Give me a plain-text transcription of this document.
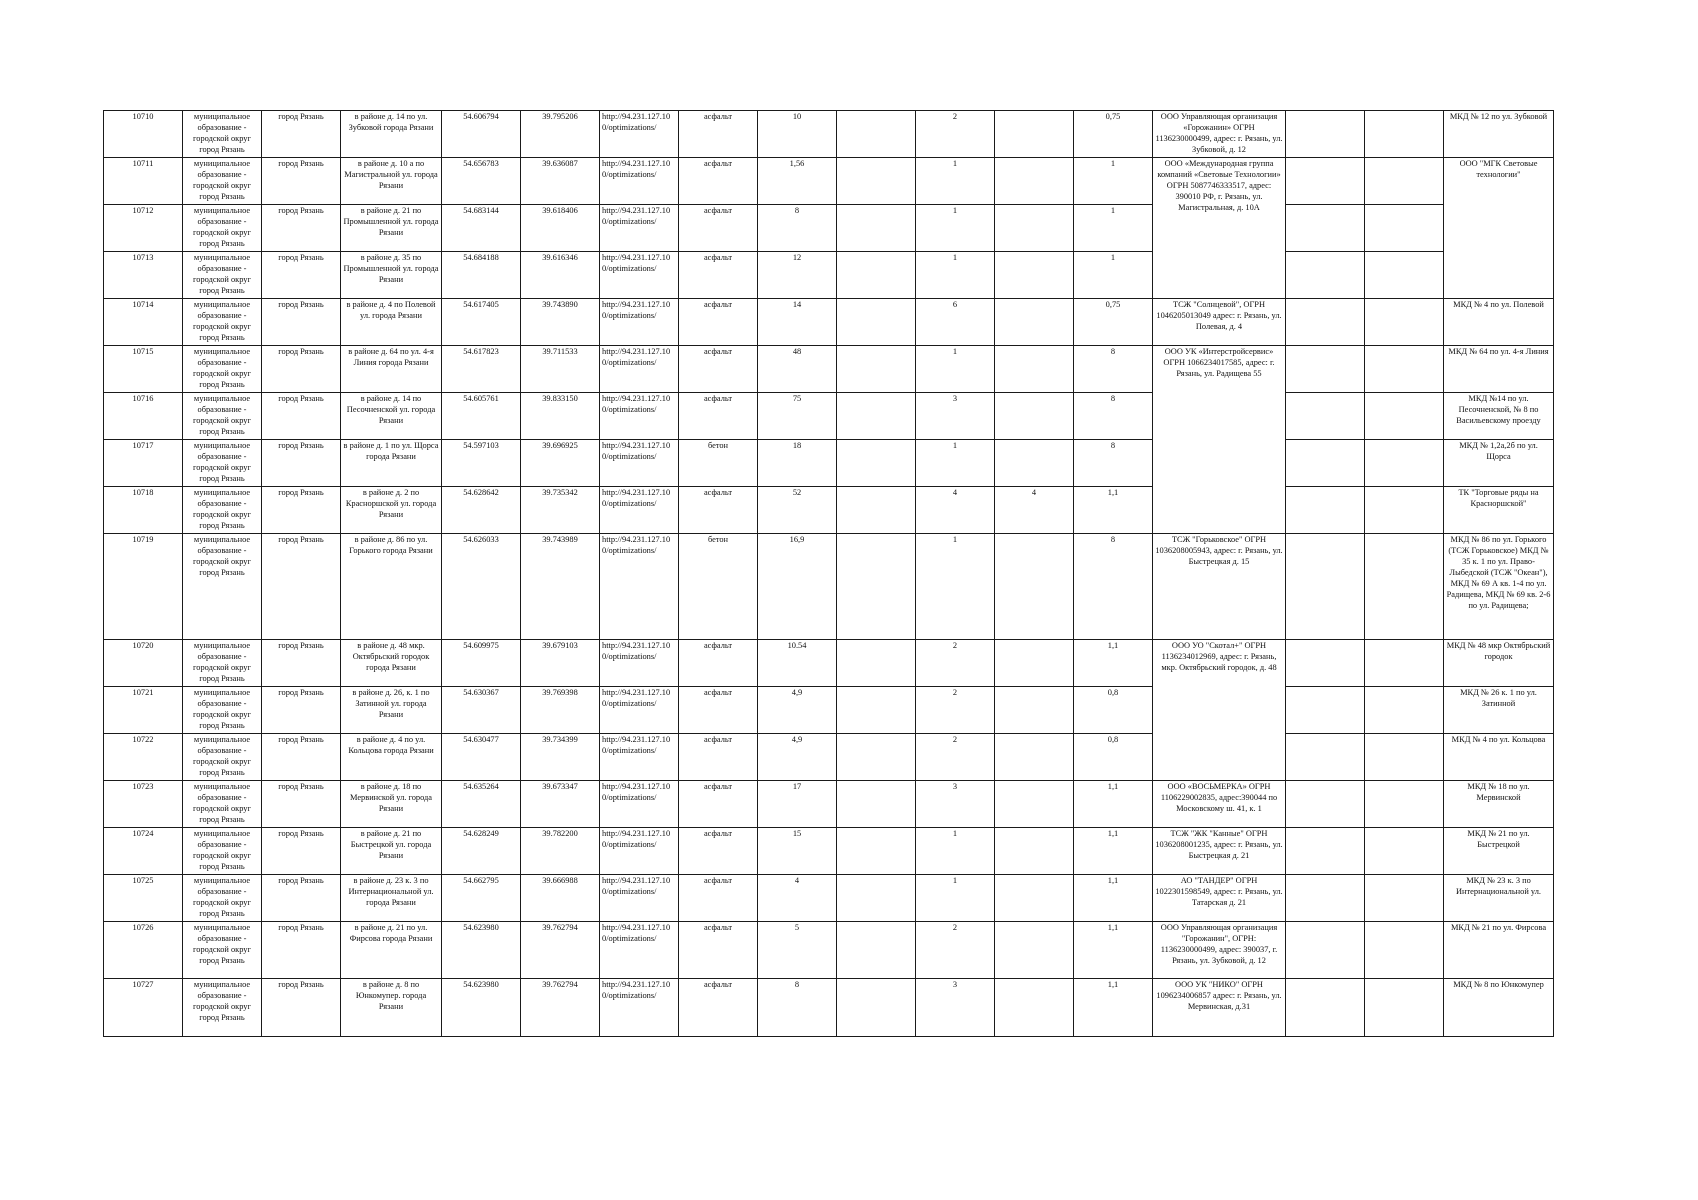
10710	муниципальное образование - городской округ город Рязань	город Рязань	в районе д. 14 по ул. Зубковой города Рязани	54.606794	39.795206	http://94.231.127.10 0/optimizations/	асфальт	10		2		0,75	ООО Управляющая организация «Горожанин» ОГРН 1136230000499, адрес: г. Рязань, ул. Зубковой, д. 12			МКД № 12 по ул. Зубковой
10711	муниципальное образование - городской округ город Рязань	город Рязань	в районе д. 10 а по Магистральной ул. города Рязани	54.656783	39.636087	http://94.231.127.10 0/optimizations/	асфальт	1,56		1		1	ООО «Международная группа компаний «Световые Технологии» ОГРН 5087746333517, адрес: 390010 РФ, г. Рязань, ул. Магистральная, д. 10А			ООО "МГК Световые технологии"
10712	муниципальное образование - городской округ город Рязань	город Рязань	в районе д. 21 по Промышленной ул. города Рязани	54.683144	39.618406	http://94.231.127.10 0/optimizations/	асфальт	8		1		1				
10713	муниципальное образование - городской округ город Рязань	город Рязань	в районе д. 35 по Промышленной ул. города Рязани	54.684188	39.616346	http://94.231.127.10 0/optimizations/	асфальт	12		1		1				
10714	муниципальное образование - городской округ город Рязань	город Рязань	в районе д. 4 по Полевой ул. города Рязани	54.617405	39.743890	http://94.231.127.10 0/optimizations/	асфальт	14		6		0,75	ТСЖ "Солнцевой", ОГРН 1046205013049 адрес: г. Рязань, ул. Полевая, д. 4			МКД № 4 по ул. Полевой
10715	муниципальное образование - городской округ город Рязань	город Рязань	в районе д. 64 по ул. 4-я Линия города Рязани	54.617823	39.711533	http://94.231.127.10 0/optimizations/	асфальт	48		1		8	ООО УК «Интерстройсервис» ОГРН 1066234017585, адрес: г. Рязань, ул. Радищева 55			МКД № 64 по ул. 4-я Линия
10716	муниципальное образование - городской округ город Рязань	город Рязань	в районе д. 14 по Песочненской ул. города Рязани	54.605761	39.833150	http://94.231.127.10 0/optimizations/	асфальт	75		3		8				МКД №14 по ул. Песочненской, № 8 по Васильевскому проезду
10717	муниципальное образование - городской округ город Рязань	город Рязань	в районе д. 1 по ул. Щорса города Рязани	54.597103	39.696925	http://94.231.127.10 0/optimizations/	бетон	18		1		8				МКД № 1,2а,2б по ул. Щорса
10718	муниципальное образование - городской округ город Рязань	город Рязань	в районе д. 2 по Красноршской ул. города Рязани	54.628642	39.735342	http://94.231.127.10 0/optimizations/	асфальт	52		4	4	1,1				ТК "Торговые ряды на Красноршской"
10719	муниципальное образование - городской округ город Рязань	город Рязань	в районе д. 86 по ул. Горького города Рязани	54.626033	39.743989	http://94.231.127.10 0/optimizations/	бетон	16,9		1		8	ТСЖ "Горьковское" ОГРН 1036208005943, адрес: г. Рязань, ул. Быстрецкая д. 15			МКД № 86 по ул. Горького (ТСЖ Горьковское) МКД № 35 к. 1 по ул. Право-Лыбедской (ТСЖ "Океан"), МКД № 69 А кв. 1-4 по ул. Радищева, МКД № 69 кв. 2-6 по ул. Радищева;
10720	муниципальное образование - городской округ город Рязань	город Рязань	в районе д. 48 мкр. Октябрьский городок города Рязани	54.609975	39.679103	http://94.231.127.10 0/optimizations/	асфальт	10.54		2		1,1	ООО УО "Скотал+" ОГРН 1136234012969, адрес: г. Рязань, мкр. Октябрьский городок, д. 48			МКД № 48 мкр Октябрьский городок
10721	муниципальное образование - городской округ город Рязань	город Рязань	в районе д. 26, к. 1 по Затинной ул. города Рязани	54.630367	39.769398	http://94.231.127.10 0/optimizations/	асфальт	4,9		2		0,8				МКД № 26 к. 1 по ул. Затинной
10722	муниципальное образование - городской округ город Рязань	город Рязань	в районе д. 4 по ул. Кольцова города Рязани	54.630477	39.734399	http://94.231.127.10 0/optimizations/	асфальт	4,9		2		0,8				МКД № 4 по ул. Кольцова
10723	муниципальное образование - городской округ город Рязань	город Рязань	в районе д. 18 по Мервинской ул. города Рязани	54.635264	39.673347	http://94.231.127.10 0/optimizations/	асфальт	17		3		1,1	ООО «ВОСЬМЕРКА» ОГРН 1106229002835, адрес:390044 по Московскому ш. 41, к. 1			МКД № 18 по ул. Мервинской
10724	муниципальное образование - городской округ город Рязань	город Рязань	в районе д. 21 по Быстрецкой ул. города Рязани	54.628249	39.782200	http://94.231.127.10 0/optimizations/	асфальт	15		1		1,1	ТСЖ "ЖК "Канные" ОГРН 1036208001235, адрес: г. Рязань, ул. Быстрецкая д. 21			МКД № 21 по ул. Быстрецкой
10725	муниципальное образование - городской округ город Рязань	город Рязань	в районе д. 23 к. 3 по Интернациональной ул. города Рязани	54.662795	39.666988	http://94.231.127.10 0/optimizations/	асфальт	4		1		1,1	АО "ТАНДЕР" ОГРН 1022301598549, адрес: г. Рязань, ул. Татарская д. 21			МКД № 23 к. 3 по Интернациональной ул.
10726	муниципальное образование - городской округ город Рязань	город Рязань	в районе д. 21 по ул. Фирсова города Рязани	54.623980	39.762794	http://94.231.127.10 0/optimizations/	асфальт	5		2		1,1	ООО Управляющая организация "Горожанин", ОГРН: 1136230000499, адрес: 390037, г. Рязань, ул. Зубковой, д. 12			МКД № 21 по ул. Фирсова
10727	муниципальное образование - городской округ город Рязань	город Рязань	в районе д. 8 по Юнкомупер. города Рязани	54.623980	39.762794	http://94.231.127.10 0/optimizations/	асфальт	8		3		1,1	ООО УК "НИКО" ОГРН 1096234006857 адрес: г. Рязань, ул. Мервинская, д.31			МКД № 8 по Юнкомупер
